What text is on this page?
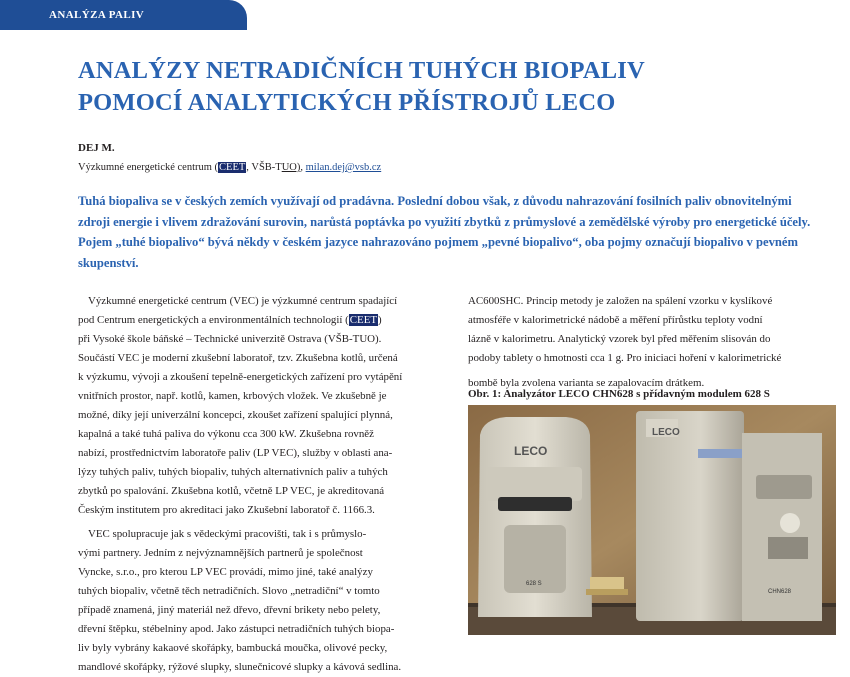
ANALÝZA PALIV
ANALÝZY NETRADIČNÍCH TUHÝCH BIOPALIV
POMOCÍ ANALYTICKÝCH PŘÍSTROJŮ LECO
DEJ M.
Výzkumné energetické centrum (CEET, VŠB-TUO), milan.dej@vsb.cz

Tuhá biopaliva se v českých zemích využívají od pradávna. Poslední dobou však, z důvodu nahrazování fosilních paliv obnovitelnými

zdroji energie i vlivem zdražování surovin, narůstá poptávka po využití zbytků z průmyslové a zemědělské výroby pro energetické účely.

Pojem „tuhé biopalivo“ bývá někdy v českém jazyce nahrazováno pojmem „pevné biopalivo“, oba pojmy označují biopalivo v pevném

skupenství.

Výzkumné energetické centrum (VEC) je výzkumné centrum spadající

pod Centrum energetických a environmentálních technologií (CEET)

při Vysoké škole báňské – Technické univerzitě Ostrava (VŠB-TUO).

Součástí VEC je moderní zkušební laboratoř, tzv. Zkušebna kotlů, určená

k výzkumu, vývoji a zkoušení tepelně-energetických zařízení pro vytápění

vnitřních prostor, např. kotlů, kamen, krbových vložek. Ve zkušebně je

možné, díky její univerzální koncepci, zkoušet zařízení spalující plynná,

kapalná a také tuhá paliva do výkonu cca 300 kW. Zkušebna rovněž

nabízí, prostřednictvím laboratoře paliv (LP VEC), služby v oblasti ana-

lýzy tuhých paliv, tuhých biopaliv, tuhých alternativních paliv a tuhých

zbytků po spalování. Zkušebna kotlů, včetně LP VEC, je akreditovaná

Českým institutem pro akreditaci jako Zkušební laboratoř č. 1166.3.

VEC spolupracuje jak s vědeckými pracovišti, tak i s průmyslo-

vými partnery. Jedním z nejvýznamnějších partnerů je společnost

Vyncke, s.r.o., pro kterou LP VEC provádí, mimo jiné, také analýzy

tuhých biopaliv, včetně těch netradičních. Slovo „netradiční“ v tomto

případě znamená, jiný materiál než dřevo, dřevní brikety nebo pelety,

dřevní štěpku, stébelniny apod. Jako zástupci netradičních tuhých biopa-

liv byly vybrány kakaové skořápky, bambucká moučka, olivové pecky,

mandlové skořápky, rýžové slupky, slunečnicové slupky a kávová sedlina.

AC600SHC. Princip metody je založen na spálení vzorku v kyslíkové

atmosféře v kalorimetrické nádobě a měření přírůstku teploty vodní

lázně v kalorimetru. Analytický vzorek byl před měřením slisován do

podoby tablety o hmotnosti cca 1 g. Pro iniciaci hoření v kalorimetrické

bombě byla zvolena varianta se zapalovacím drátkem.

Obr. 1: Analyzátor LECO CHN628 s přídavným modulem 628 S
LECO
628 S
LECO
CHN628
